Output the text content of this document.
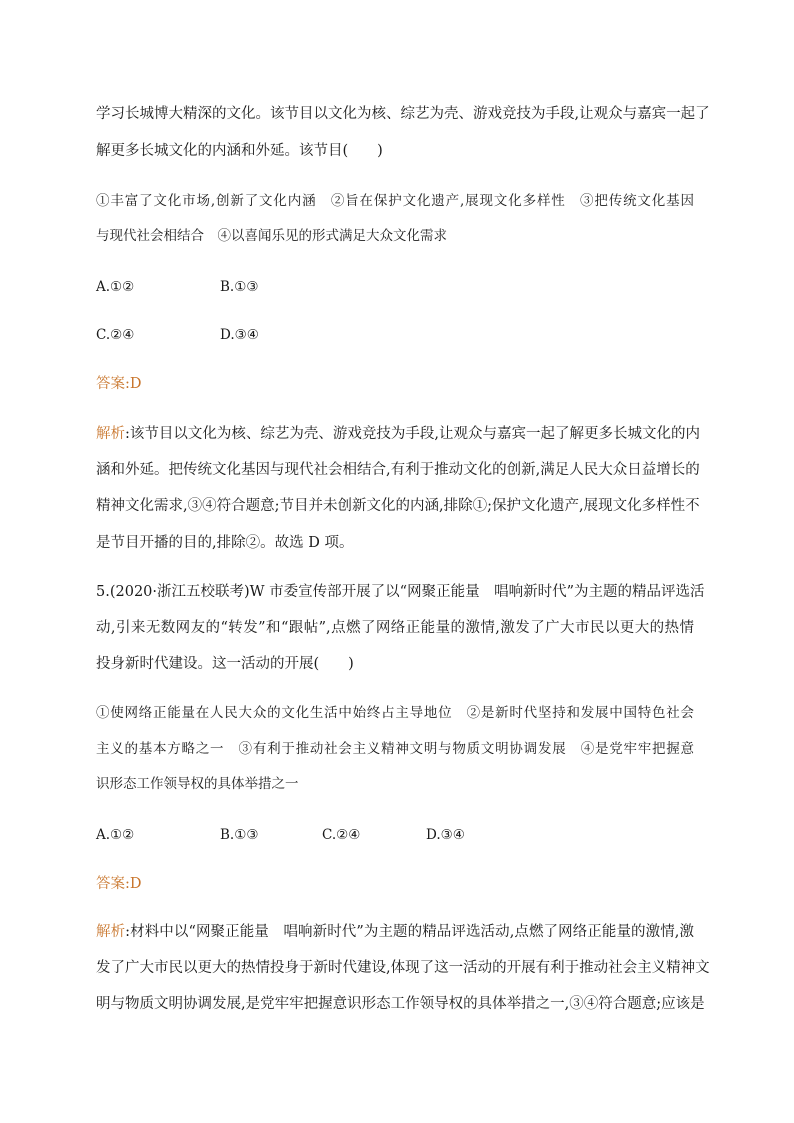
学习长城博大精深的文化。该节目以文化为核、综艺为壳、游戏竞技为手段,让观众与嘉宾一起了
解更多长城文化的内涵和外延。该节目(　　)
①丰富了文化市场,创新了文化内涵　②旨在保护文化遗产,展现文化多样性　③把传统文化基因
与现代社会相结合　④以喜闻乐见的形式满足大众文化需求
A.①②	B.①③
C.②④	D.③④
答案:D
解析:该节目以文化为核、综艺为壳、游戏竞技为手段,让观众与嘉宾一起了解更多长城文化的内
涵和外延。把传统文化基因与现代社会相结合,有利于推动文化的创新,满足人民大众日益增长的
精神文化需求,③④符合题意;节目并未创新文化的内涵,排除①;保护文化遗产,展现文化多样性不
是节目开播的目的,排除②。故选 D 项。
5.(2020·浙江五校联考)W 市委宣传部开展了以“网聚正能量　唱响新时代”为主题的精品评选活
动,引来无数网友的“转发”和“跟帖”,点燃了网络正能量的激情,激发了广大市民以更大的热情
投身新时代建设。这一活动的开展(　　)
①使网络正能量在人民大众的文化生活中始终占主导地位　②是新时代坚持和发展中国特色社会
主义的基本方略之一　③有利于推动社会主义精神文明与物质文明协调发展　④是党牢牢把握意
识形态工作领导权的具体举措之一
A.①②	B.①③	C.②④	D.③④
答案:D
解析:材料中以“网聚正能量　唱响新时代”为主题的精品评选活动,点燃了网络正能量的激情,激
发了广大市民以更大的热情投身于新时代建设,体现了这一活动的开展有利于推动社会主义精神文
明与物质文明协调发展,是党牢牢把握意识形态工作领导权的具体举措之一,③④符合题意;应该是
